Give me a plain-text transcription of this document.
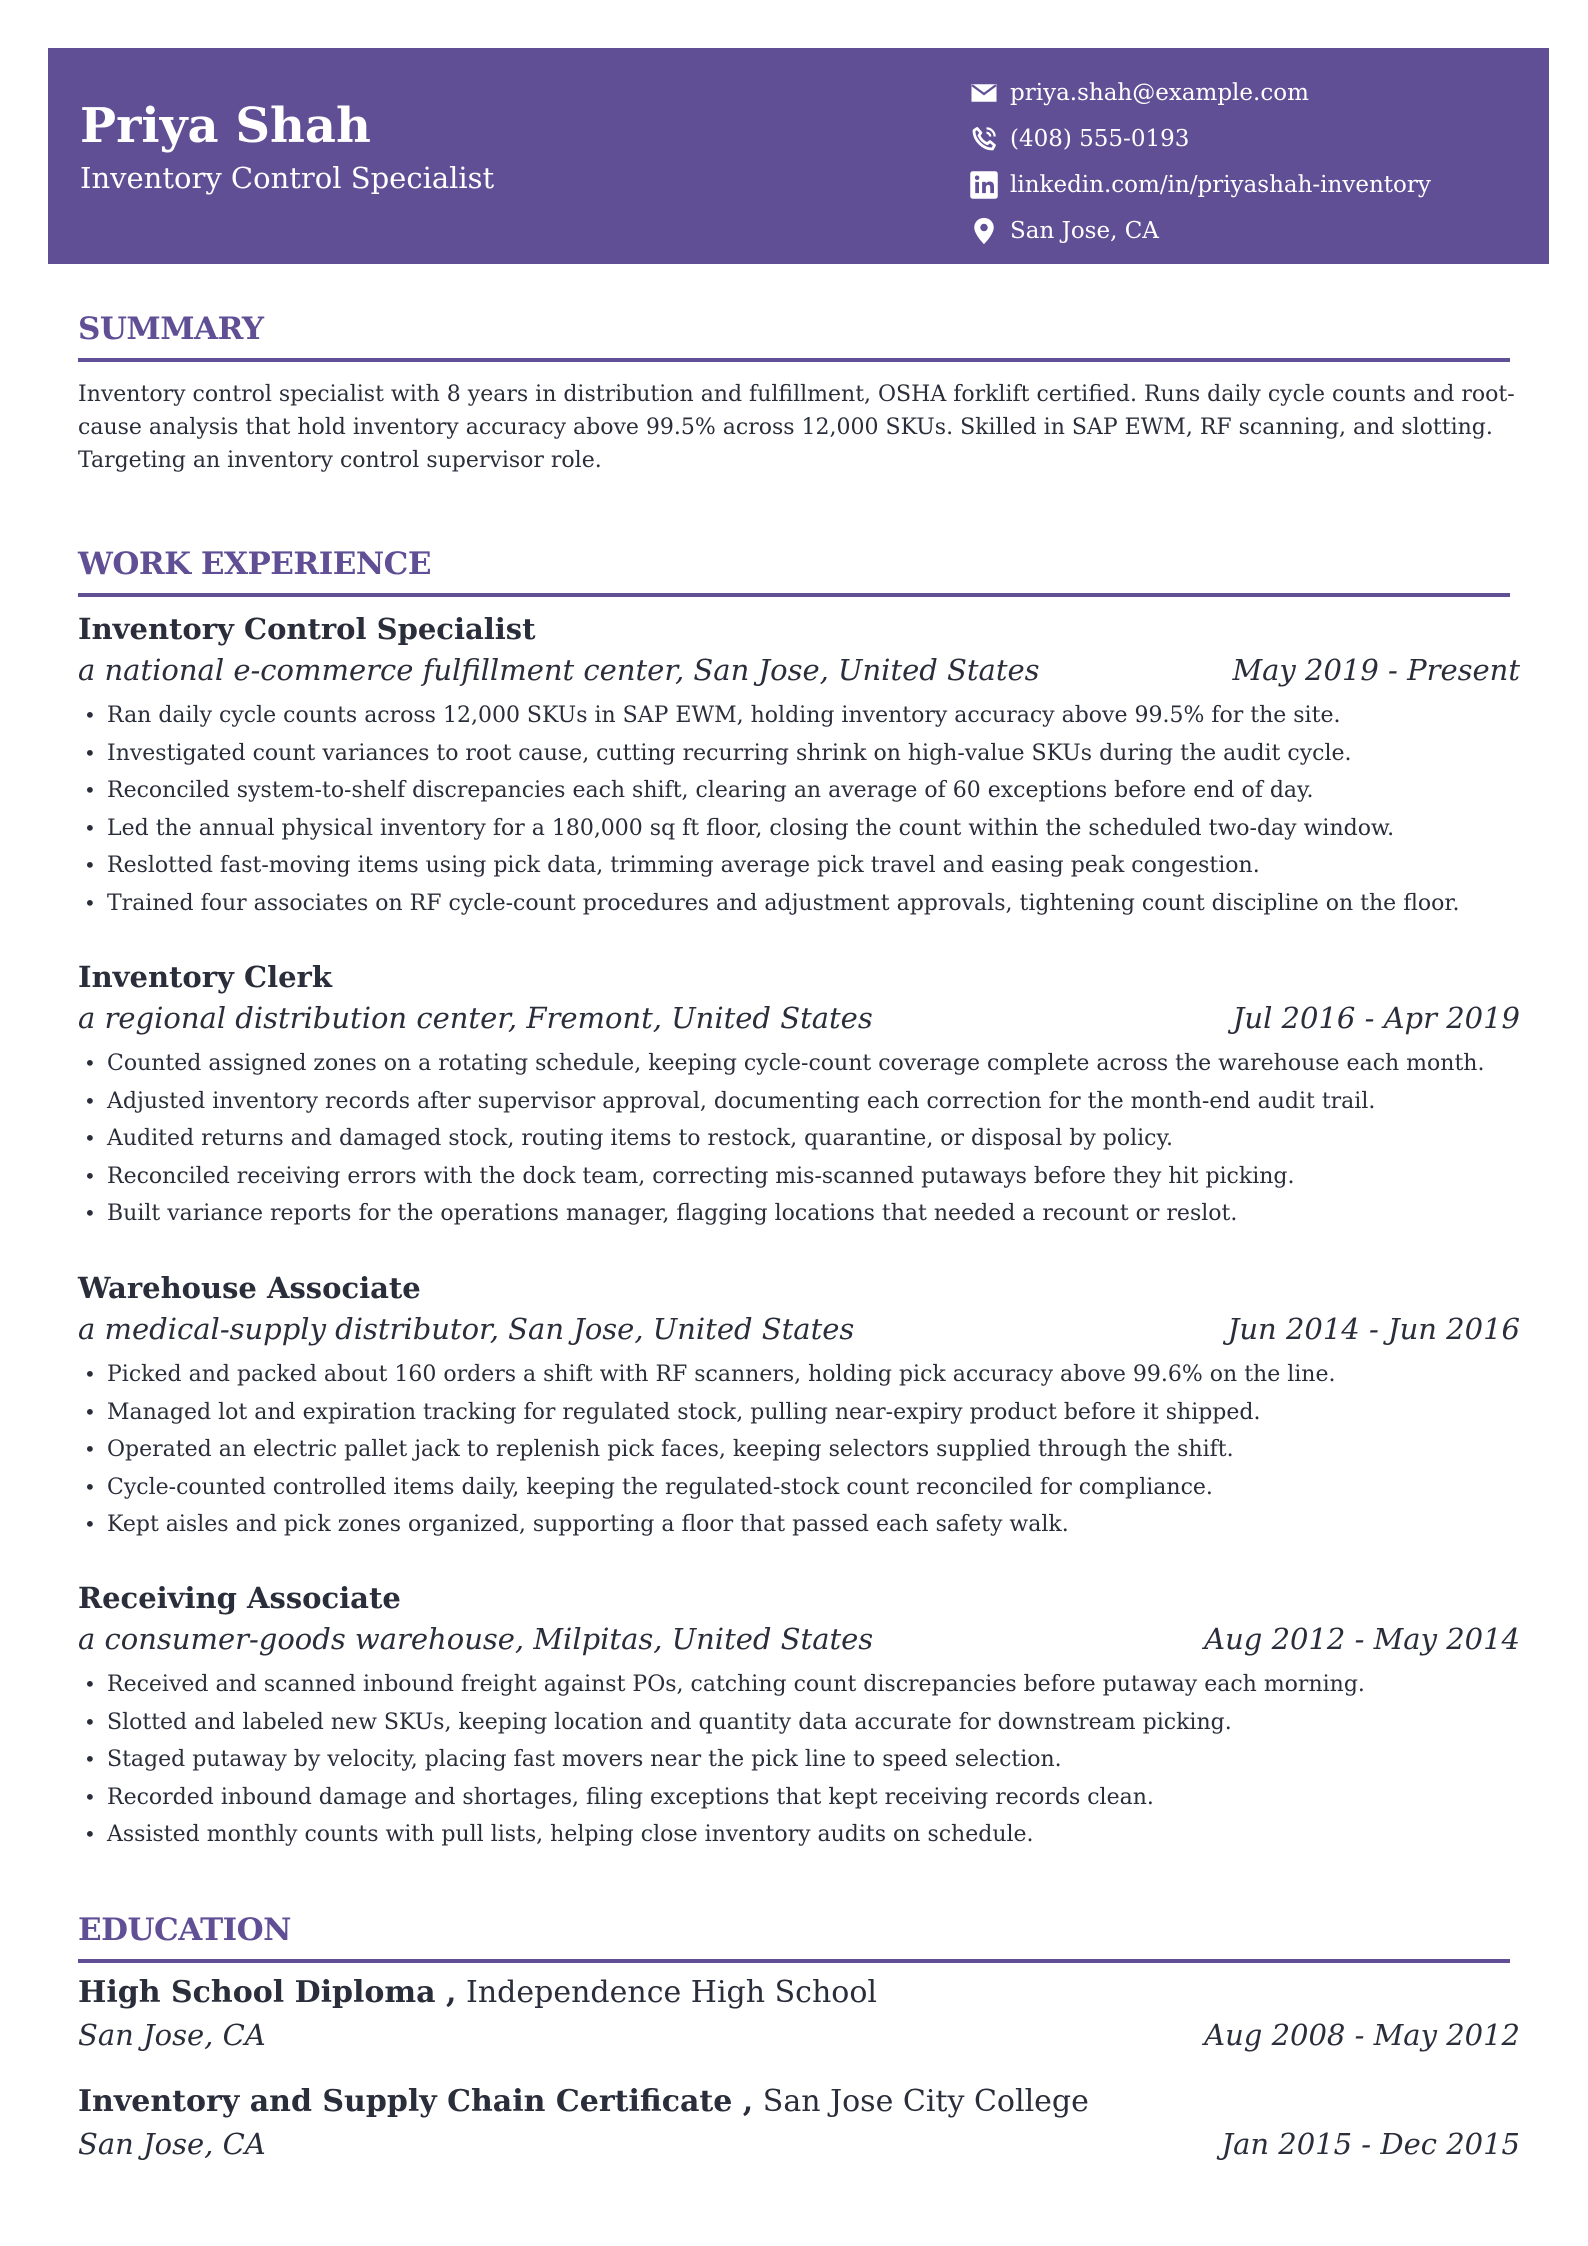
Priya Shah
Inventory Control Specialist
priya.shah@example.com
(408) 555-0193
linkedin.com/in/priyashah-inventory
San Jose, CA
SUMMARY
Inventory control specialist with 8 years in distribution and fulfillment, OSHA forklift certified. Runs daily cycle counts and root-cause analysis that hold inventory accuracy above 99.5% across 12,000 SKUs. Skilled in SAP EWM, RF scanning, and slotting. Targeting an inventory control supervisor role.
WORK EXPERIENCE
Inventory Control Specialist
a national e-commerce fulfillment center, San Jose, United States	May 2019 - Present
• Ran daily cycle counts across 12,000 SKUs in SAP EWM, holding inventory accuracy above 99.5% for the site.
• Investigated count variances to root cause, cutting recurring shrink on high-value SKUs during the audit cycle.
• Reconciled system-to-shelf discrepancies each shift, clearing an average of 60 exceptions before end of day.
• Led the annual physical inventory for a 180,000 sq ft floor, closing the count within the scheduled two-day window.
• Reslotted fast-moving items using pick data, trimming average pick travel and easing peak congestion.
• Trained four associates on RF cycle-count procedures and adjustment approvals, tightening count discipline on the floor.
Inventory Clerk
a regional distribution center, Fremont, United States	Jul 2016 - Apr 2019
• Counted assigned zones on a rotating schedule, keeping cycle-count coverage complete across the warehouse each month.
• Adjusted inventory records after supervisor approval, documenting each correction for the month-end audit trail.
• Audited returns and damaged stock, routing items to restock, quarantine, or disposal by policy.
• Reconciled receiving errors with the dock team, correcting mis-scanned putaways before they hit picking.
• Built variance reports for the operations manager, flagging locations that needed a recount or reslot.
Warehouse Associate
a medical-supply distributor, San Jose, United States	Jun 2014 - Jun 2016
• Picked and packed about 160 orders a shift with RF scanners, holding pick accuracy above 99.6% on the line.
• Managed lot and expiration tracking for regulated stock, pulling near-expiry product before it shipped.
• Operated an electric pallet jack to replenish pick faces, keeping selectors supplied through the shift.
• Cycle-counted controlled items daily, keeping the regulated-stock count reconciled for compliance.
• Kept aisles and pick zones organized, supporting a floor that passed each safety walk.
Receiving Associate
a consumer-goods warehouse, Milpitas, United States	Aug 2012 - May 2014
• Received and scanned inbound freight against POs, catching count discrepancies before putaway each morning.
• Slotted and labeled new SKUs, keeping location and quantity data accurate for downstream picking.
• Staged putaway by velocity, placing fast movers near the pick line to speed selection.
• Recorded inbound damage and shortages, filing exceptions that kept receiving records clean.
• Assisted monthly counts with pull lists, helping close inventory audits on schedule.
EDUCATION
High School Diploma , Independence High School
San Jose, CA	Aug 2008 - May 2012
Inventory and Supply Chain Certificate , San Jose City College
San Jose, CA	Jan 2015 - Dec 2015
